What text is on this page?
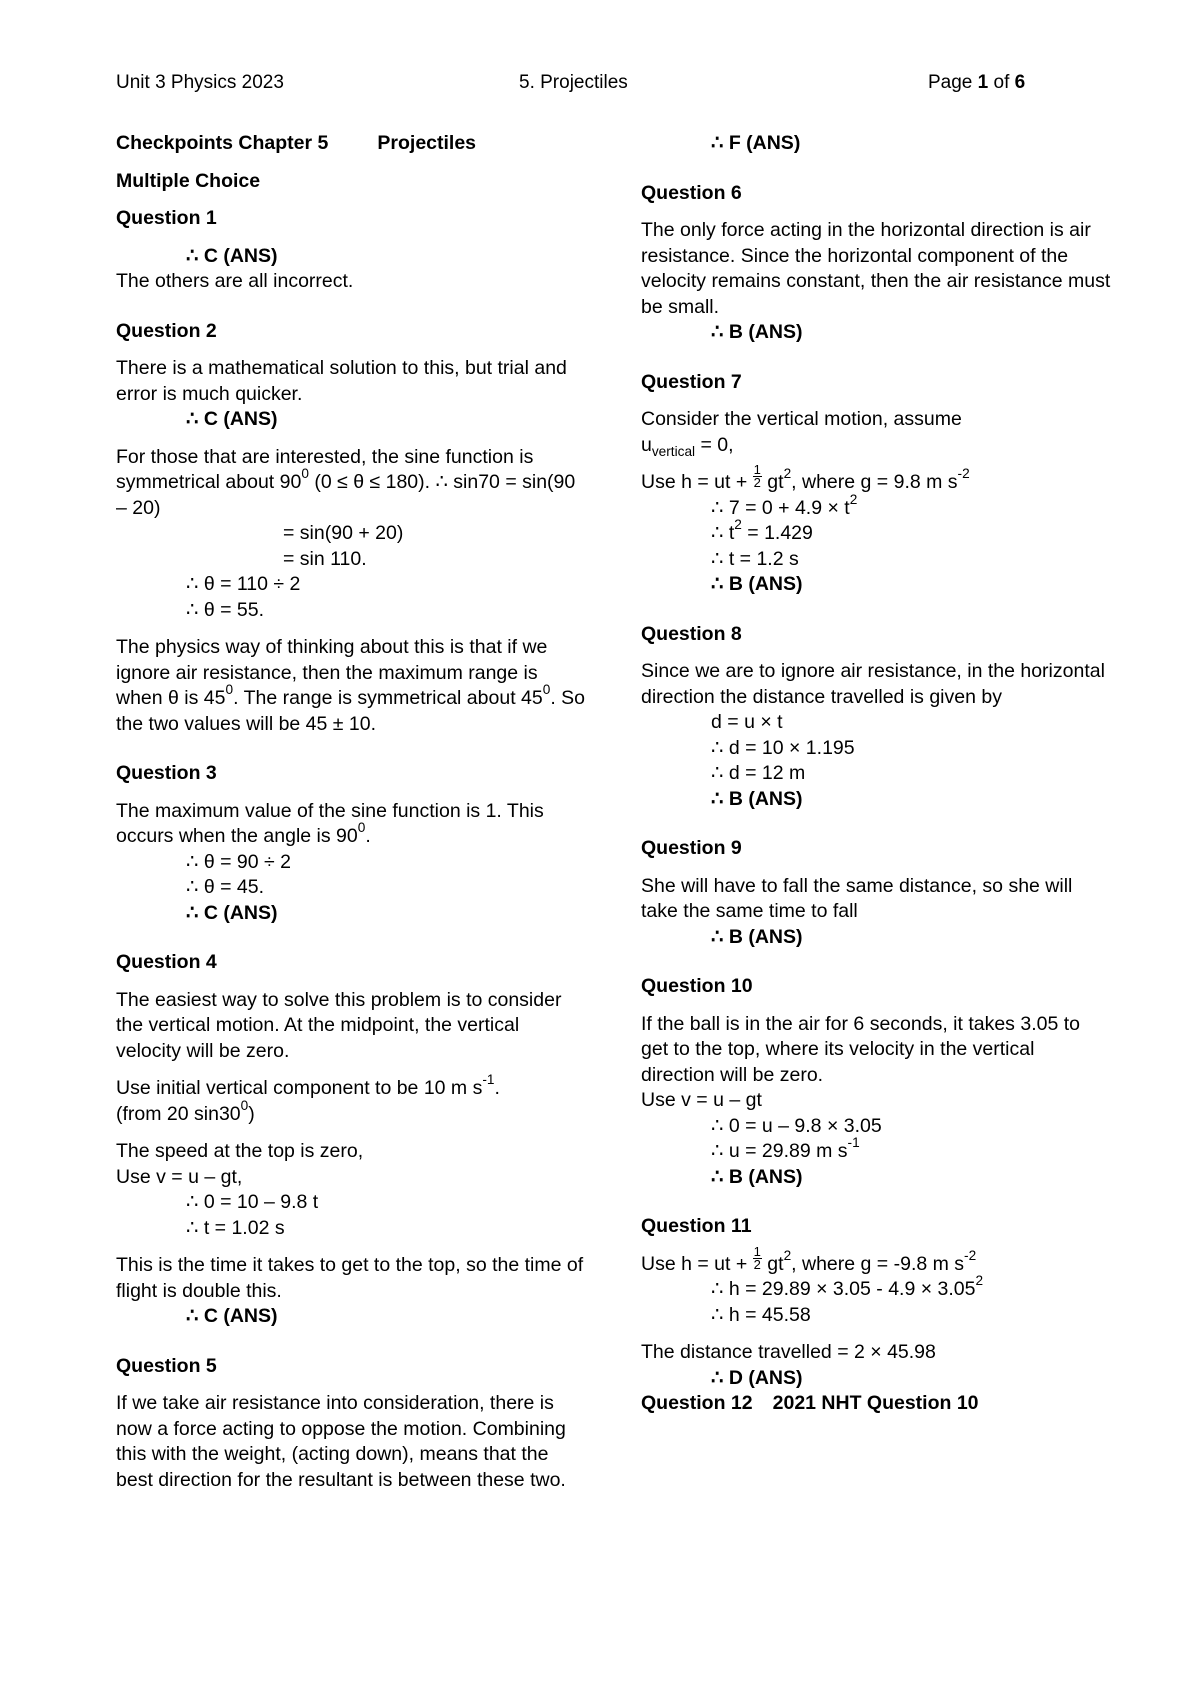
Unit 3 Physics 2023	5. Projectiles	Page 1 of 6

Checkpoints Chapter 5	Projectiles

Multiple Choice

Question 1

∴ C (ANS)

The others are all incorrect.

Question 2

There is a mathematical solution to this, but trial and error is much quicker.

∴ C (ANS)

For those that are interested, the sine function is symmetrical about $90^0$ (0 ≤ θ ≤ 180). ∴ sin70 = sin(90 – 20)

= sin(90 + 20)

= sin 110.

∴ θ = 110 ÷ 2

∴ θ = 55.

The physics way of thinking about this is that if we ignore air resistance, then the maximum range is when θ is $45^0$. The range is symmetrical about $45^0$. So the two values will be 45 ± 10.

Question 3

The maximum value of the sine function is 1. This occurs when the angle is $90^0$.

∴ θ = 90 ÷ 2

∴ θ = 45.

∴ C (ANS)

Question 4

The easiest way to solve this problem is to consider the vertical motion. At the midpoint, the vertical velocity will be zero.

Use initial vertical component to be 10 m $s^{-1}$.
(from 20 $\sin 30^0$)

The speed at the top is zero,

Use v = u – gt,

∴ 0 = 10 – 9.8 t

∴ t = 1.02 s

This is the time it takes to get to the top, so the time of flight is double this.

∴ C (ANS)

Question 5

If we take air resistance into consideration, there is now a force acting to oppose the motion. Combining this with the weight, (acting down), means that the best direction for the resultant is between these two.

∴ F (ANS)

Question 6

The only force acting in the horizontal direction is air resistance. Since the horizontal component of the velocity remains constant, then the air resistance must be small.

∴ B (ANS)

Question 7

Consider the vertical motion, assume

$u_{vertical} = 0$,

Use h = ut + $\frac{1}{2} gt^2$, where g = 9.8 m $s^{-2}$

∴ $7 = 0 + 4.9 \times t^2$

∴ $t^2 = 1.429$

∴ t = 1.2 s

∴ B (ANS)

Question 8

Since we are to ignore air resistance, in the horizontal direction the distance travelled is given by

d = u × t

∴ d = 10 × 1.195

∴ d = 12 m

∴ B (ANS)

Question 9

She will have to fall the same distance, so she will take the same time to fall

∴ B (ANS)

Question 10

If the ball is in the air for 6 seconds, it takes 3.05 to get to the top, where its velocity in the vertical direction will be zero.

Use v = u – gt

∴ 0 = u – 9.8 × 3.05

∴ u = 29.89 m $s^{-1}$

∴ B (ANS)

Question 11

Use h = ut + $\frac{1}{2} gt^2$, where g = -9.8 m $s^{-2}$

∴ $h = 29.89 \times 3.05 - 4.9 \times 3.05^2$

∴ h = 45.58

The distance travelled = 2 × 45.98

∴ D (ANS)

Question 12 2021 NHT Question 10
